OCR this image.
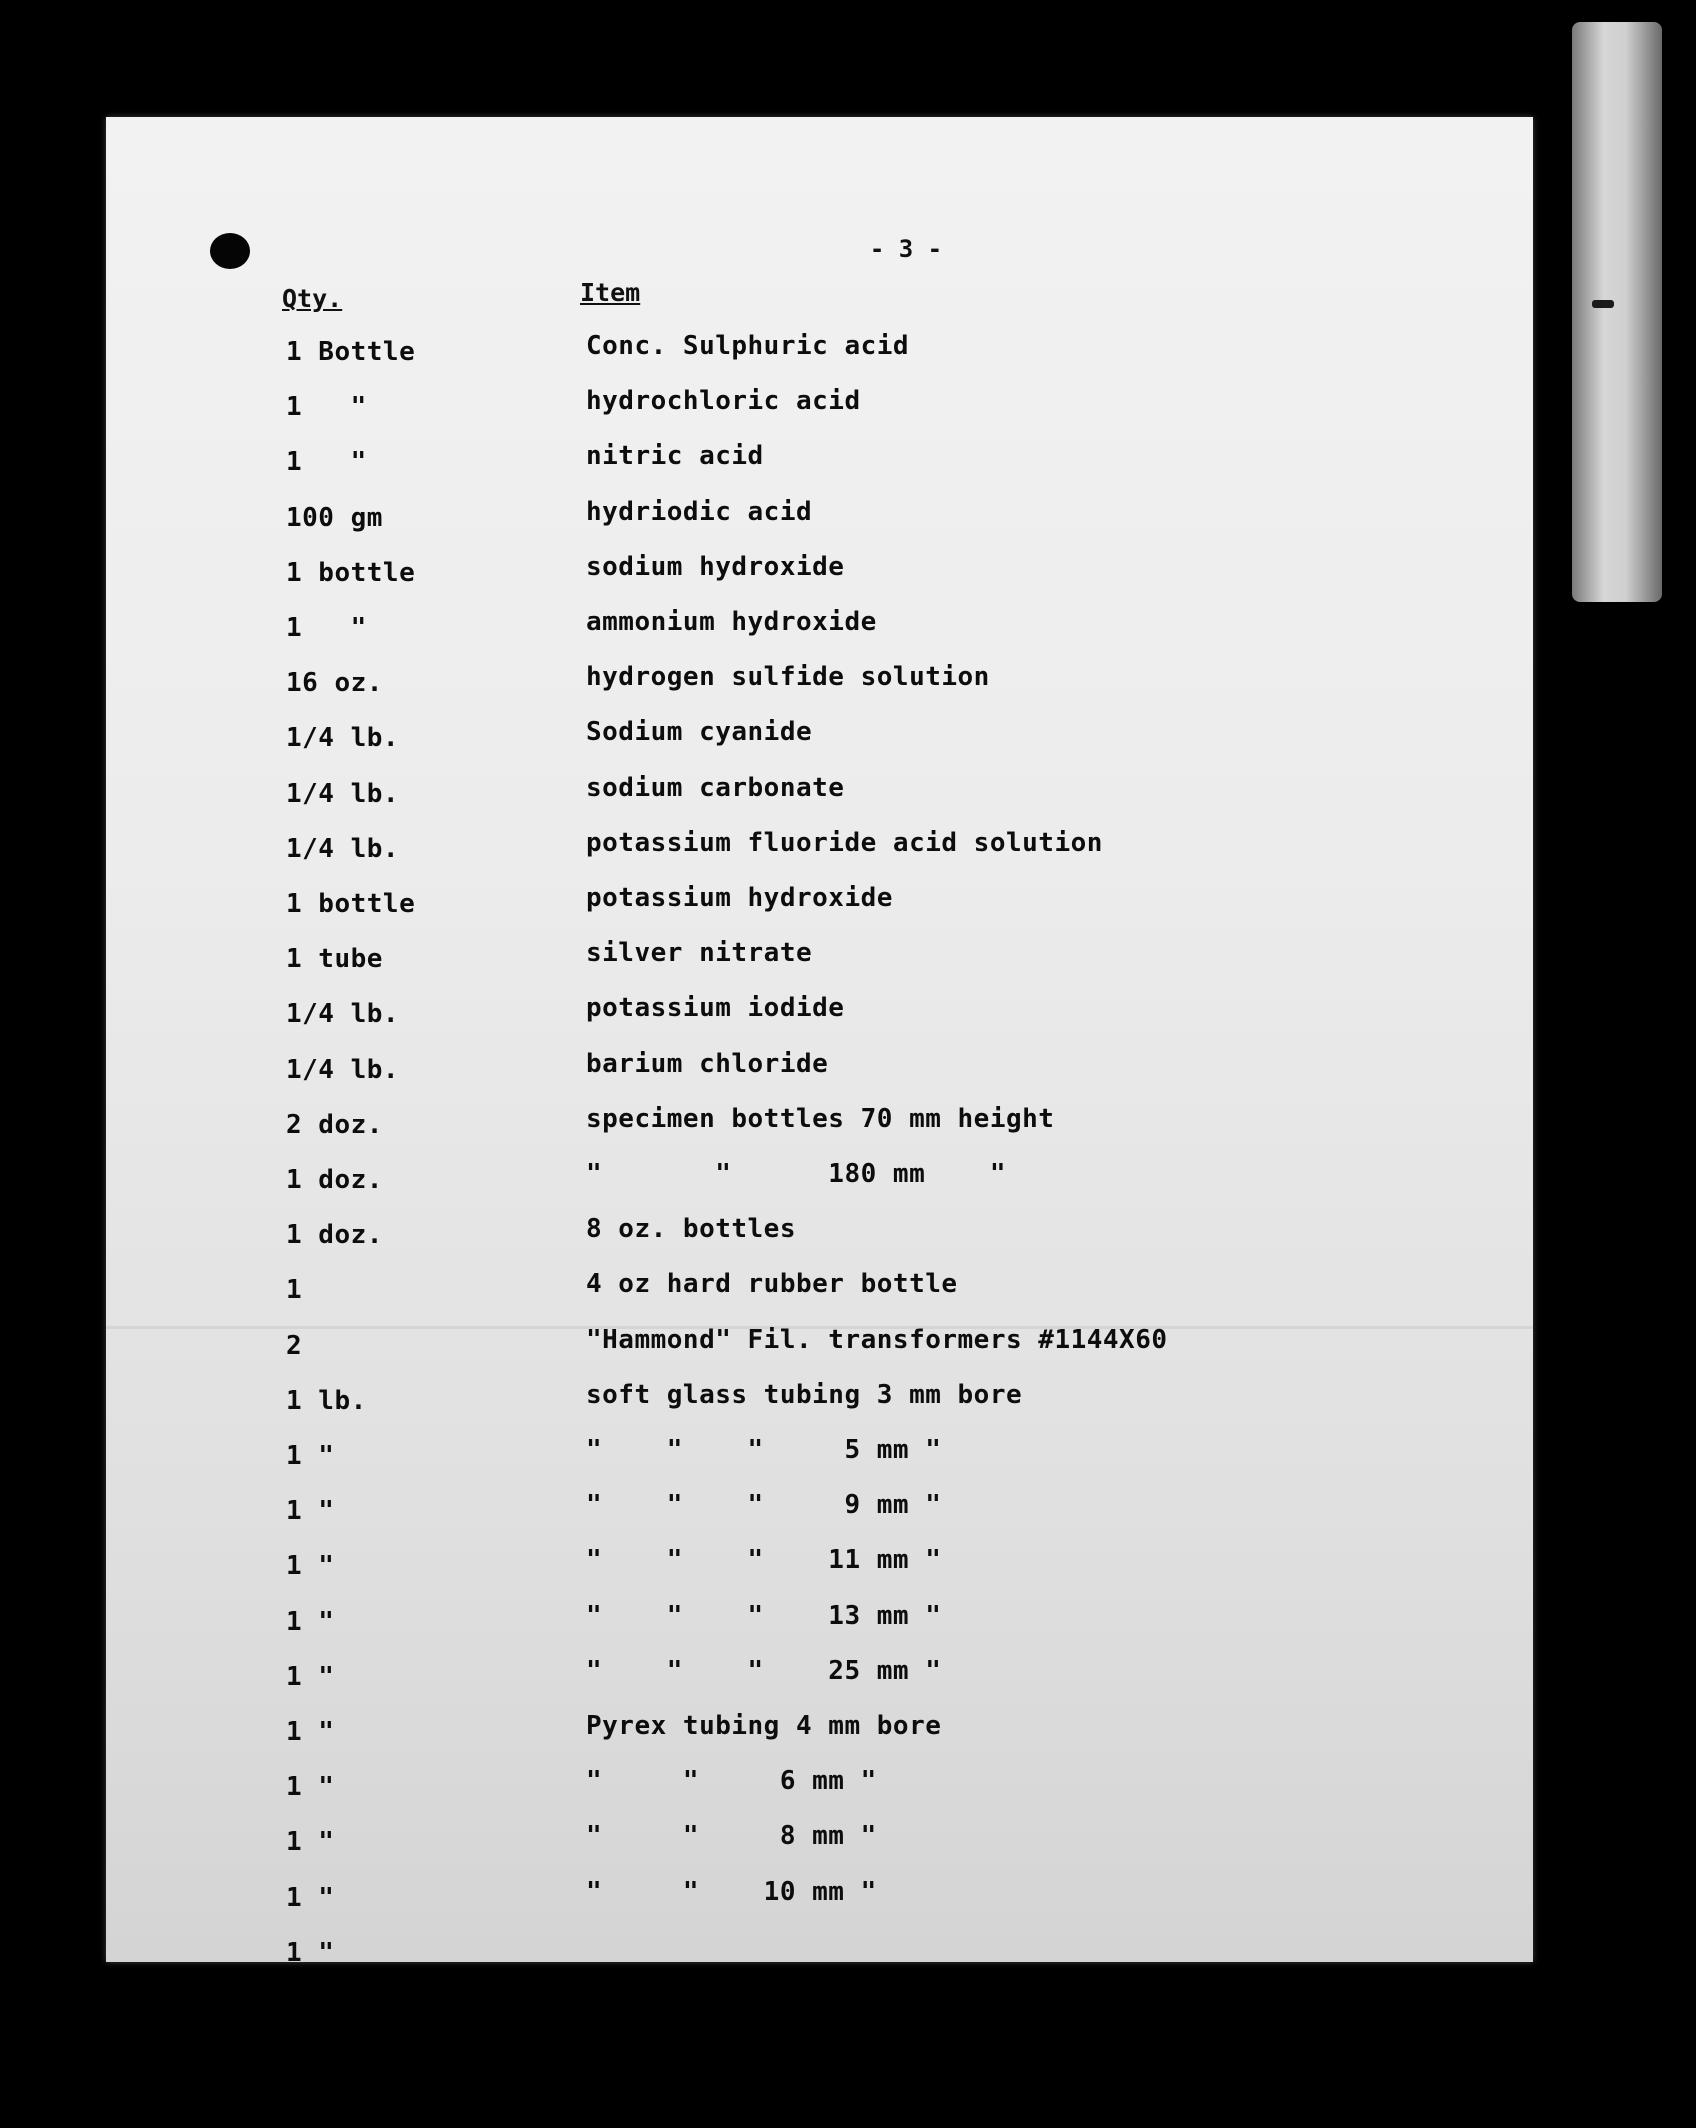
- 3 -
Qty.	Item
1 Bottle	Conc. Sulphuric acid
1   "	hydrochloric acid
1   "	nitric acid
100 gm	hydriodic acid
1 bottle	sodium hydroxide
1   "	ammonium hydroxide
16 oz.	hydrogen sulfide solution
1/4 lb.	Sodium cyanide
1/4 lb.	sodium carbonate
1/4 lb.	potassium fluoride acid solution
1 bottle	potassium hydroxide
1 tube	silver nitrate
1/4 lb.	potassium iodide
1/4 lb.	barium chloride
2 doz.	specimen bottles 70 mm height
1 doz.	"       "      180 mm    "
1 doz.	8 oz. bottles
1	4 oz hard rubber bottle
2	"Hammond" Fil. transformers #1144X60
1 lb.	soft glass tubing 3 mm bore
1 "	"    "    "     5 mm "
1 "	"    "    "     9 mm "
1 "	"    "    "    11 mm "
1 "	"    "    "    13 mm "
1 "	"    "    "    25 mm "
1 "	Pyrex tubing 4 mm bore
1 "	"     "     6 mm "
1 "	"     "     8 mm "
1 "	"     "    10 mm "
1 "
